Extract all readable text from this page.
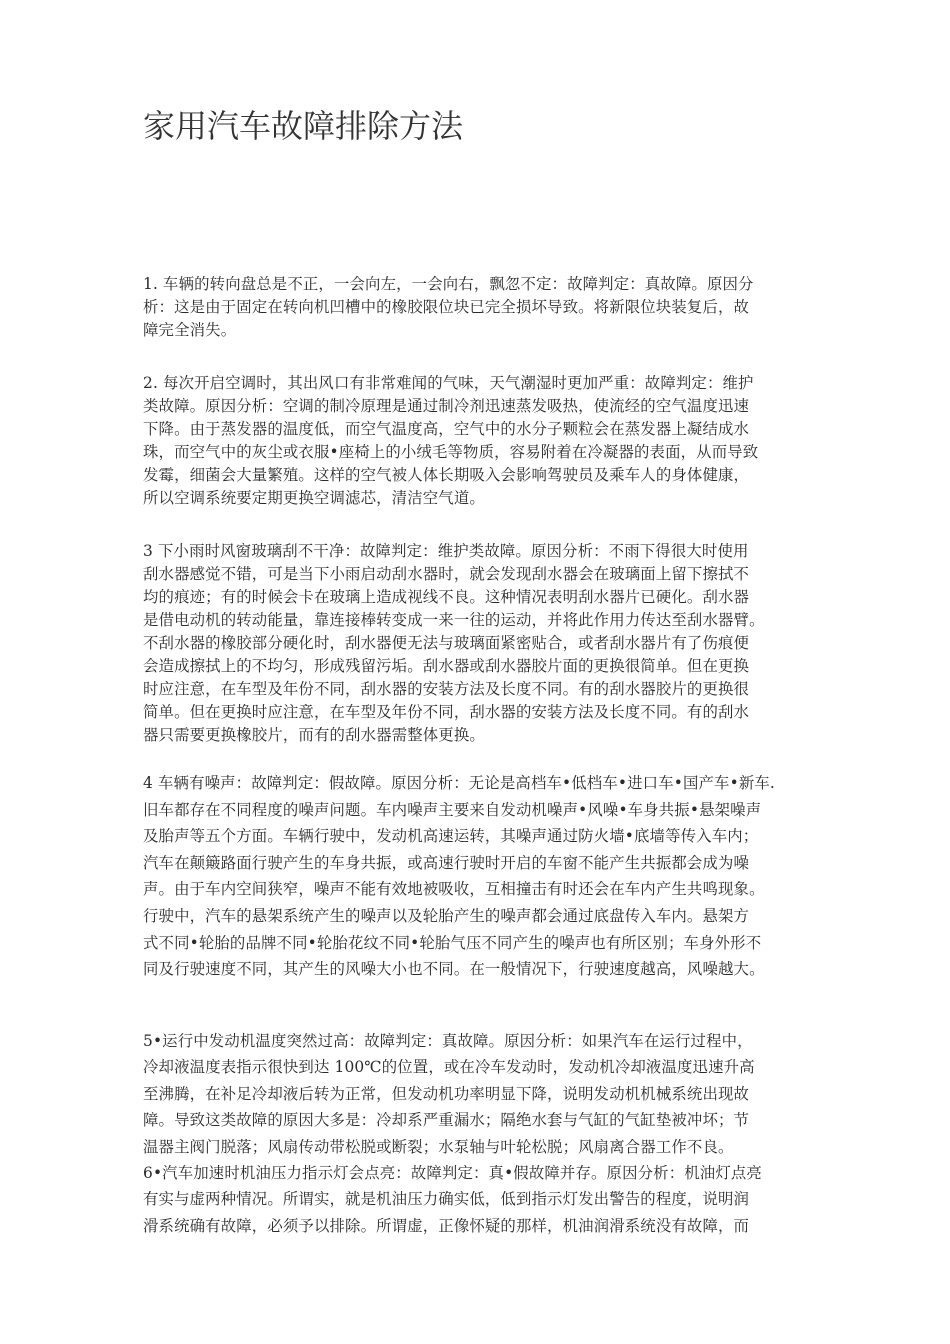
家用汽车故障排除方法
1. 车辆的转向盘总是不正，一会向左，一会向右，飘忽不定：故障判定：真故障。原因分
析：这是由于固定在转向机凹槽中的橡胶限位块已完全损坏导致。将新限位块装复后，故
障完全消失。
2. 每次开启空调时，其出风口有非常难闻的气味，天气潮湿时更加严重：故障判定：维护
类故障。原因分析：空调的制冷原理是通过制冷剂迅速蒸发吸热，使流经的空气温度迅速
下降。由于蒸发器的温度低，而空气温度高，空气中的水分子颗粒会在蒸发器上凝结成水
珠，而空气中的灰尘或衣服•座椅上的小绒毛等物质，容易附着在冷凝器的表面，从而导致
发霉，细菌会大量繁殖。这样的空气被人体长期吸入会影响驾驶员及乘车人的身体健康，
所以空调系统要定期更换空调滤芯，清洁空气道。
3 下小雨时风窗玻璃刮不干净：故障判定：维护类故障。原因分析：不雨下得很大时使用
刮水器感觉不错，可是当下小雨启动刮水器时，就会发现刮水器会在玻璃面上留下擦拭不
均的痕迹；有的时候会卡在玻璃上造成视线不良。这种情况表明刮水器片已硬化。刮水器
是借电动机的转动能量，靠连接棒转变成一来一往的运动，并将此作用力传达至刮水器臂。
不刮水器的橡胶部分硬化时，刮水器便无法与玻璃面紧密贴合，或者刮水器片有了伤痕便
会造成擦拭上的不均匀，形成残留污垢。刮水器或刮水器胶片面的更换很简单。但在更换
时应注意，在车型及年份不同，刮水器的安装方法及长度不同。有的刮水器胶片的更换很
简单。但在更换时应注意，在车型及年份不同，刮水器的安装方法及长度不同。有的刮水
器只需要更换橡胶片，而有的刮水器需整体更换。
4 车辆有噪声：故障判定：假故障。原因分析：无论是高档车•低档车•进口车•国产车•新车.
旧车都存在不同程度的噪声问题。车内噪声主要来自发动机噪声•风噪•车身共振•悬架噪声
及胎声等五个方面。车辆行驶中，发动机高速运转，其噪声通过防火墙•底墙等传入车内；
汽车在颠簸路面行驶产生的车身共振，或高速行驶时开启的车窗不能产生共振都会成为噪
声。由于车内空间狭窄，噪声不能有效地被吸收，互相撞击有时还会在车内产生共鸣现象。
行驶中，汽车的悬架系统产生的噪声以及轮胎产生的噪声都会通过底盘传入车内。悬架方
式不同•轮胎的品牌不同•轮胎花纹不同•轮胎气压不同产生的噪声也有所区别；车身外形不
同及行驶速度不同，其产生的风噪大小也不同。在一般情况下，行驶速度越高，风噪越大。
5•运行中发动机温度突然过高：故障判定：真故障。原因分析：如果汽车在运行过程中，
冷却液温度表指示很快到达 100℃的位置，或在冷车发动时，发动机冷却液温度迅速升高
至沸腾，在补足冷却液后转为正常，但发动机功率明显下降，说明发动机机械系统出现故
障。导致这类故障的原因大多是：冷却系严重漏水；隔绝水套与气缸的气缸垫被冲坏；节
温器主阀门脱落；风扇传动带松脱或断裂；水泵轴与叶轮松脱；风扇离合器工作不良。
6•汽车加速时机油压力指示灯会点亮：故障判定：真•假故障并存。原因分析：机油灯点亮
有实与虚两种情况。所谓实，就是机油压力确实低，低到指示灯发出警告的程度，说明润
滑系统确有故障，必须予以排除。所谓虚，正像怀疑的那样，机油润滑系统没有故障，而
